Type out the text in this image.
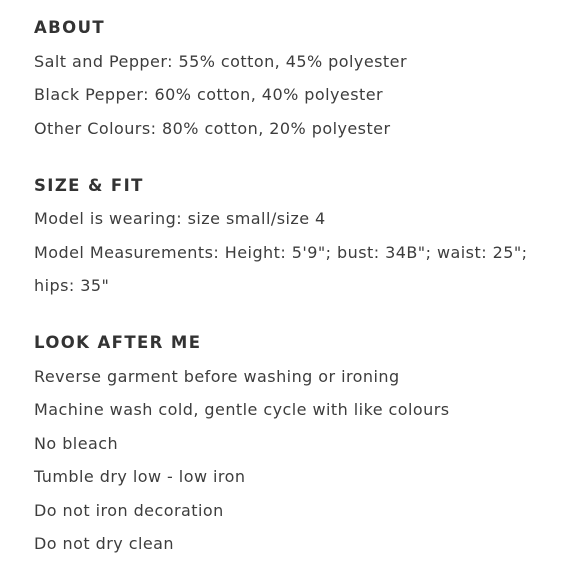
ABOUT
Salt and Pepper: 55% cotton, 45% polyester
Black Pepper: 60% cotton, 40% polyester
Other Colours: 80% cotton, 20% polyester
SIZE & FIT
Model is wearing: size small/size 4
Model Measurements: Height: 5'9"; bust: 34B"; waist: 25";
hips: 35"
LOOK AFTER ME
Reverse garment before washing or ironing
Machine wash cold, gentle cycle with like colours
No bleach
Tumble dry low - low iron
Do not iron decoration
Do not dry clean
